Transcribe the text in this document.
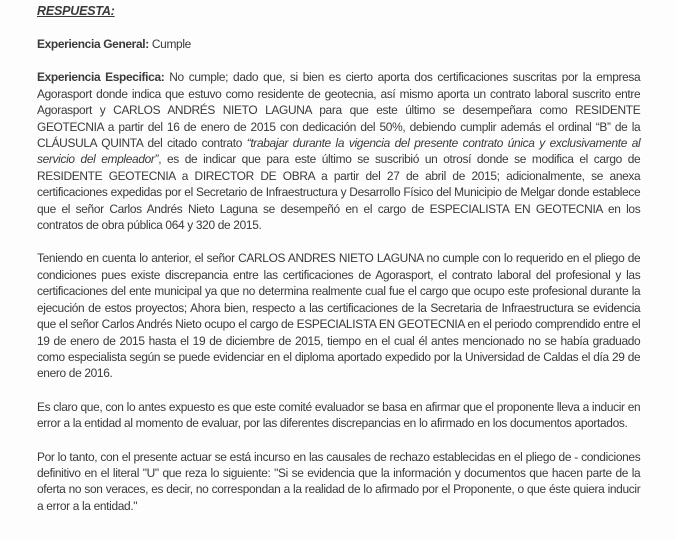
RESPUESTA:

Experiencia General: Cumple

Experiencia Especifica: No cumple; dado que, si bien es cierto aporta dos certificaciones suscritas por la empresa Agorasport donde indica que estuvo como residente de geotecnia, así mismo aporta un contrato laboral suscrito entre Agorasport y CARLOS ANDRÉS NIETO LAGUNA para que este último se desempeñara como RESIDENTE GEOTECNIA a partir del 16 de enero de 2015 con dedicación del 50%, debiendo cumplir además el ordinal “B” de la CLÁUSULA QUINTA del citado contrato “trabajar durante la vigencia del presente contrato única y exclusivamente al servicio del empleador”, es de indicar que para este último se suscribió un otrosí donde se modifica el cargo de RESIDENTE GEOTECNIA a DIRECTOR DE OBRA a partir del 27 de abril de 2015; adicionalmente, se anexa certificaciones expedidas por el Secretario de Infraestructura y Desarrollo Físico del Municipio de Melgar donde establece que el señor Carlos Andrés Nieto Laguna se desempeñó en el cargo de ESPECIALISTA EN GEOTECNIA en los contratos de obra pública 064 y 320 de 2015.

Teniendo en cuenta lo anterior, el señor CARLOS ANDRES NIETO LAGUNA no cumple con lo requerido en el pliego de condiciones pues existe discrepancia entre las certificaciones de Agorasport, el contrato laboral del profesional y las certificaciones del ente municipal ya que no determina realmente cual fue el cargo que ocupo este profesional durante la ejecución de estos proyectos; Ahora bien, respecto a las certificaciones de la Secretaria de Infraestructura se evidencia que el señor Carlos Andrés Nieto ocupo el cargo de ESPECIALISTA EN GEOTECNIA en el periodo comprendido entre el 19 de enero de 2015 hasta el 19 de diciembre de 2015, tiempo en el cual él antes mencionado no se había graduado como especialista según se puede evidenciar en el diploma aportado expedido por la Universidad de Caldas el día 29 de enero de 2016.

Es claro que, con lo antes expuesto es que este comité evaluador se basa en afirmar que el proponente lleva a inducir en error a la entidad al momento de evaluar, por las diferentes discrepancias en lo afirmado en los documentos aportados.

Por lo tanto, con el presente actuar se está incurso en las causales de rechazo establecidas en el pliego de - condiciones definitivo en el literal "U" que reza lo siguiente: "Si se evidencia que la información y documentos que hacen parte de la oferta no son veraces, es decir, no correspondan a la realidad de lo afirmado por el Proponente, o que éste quiera inducir a error a la entidad."
